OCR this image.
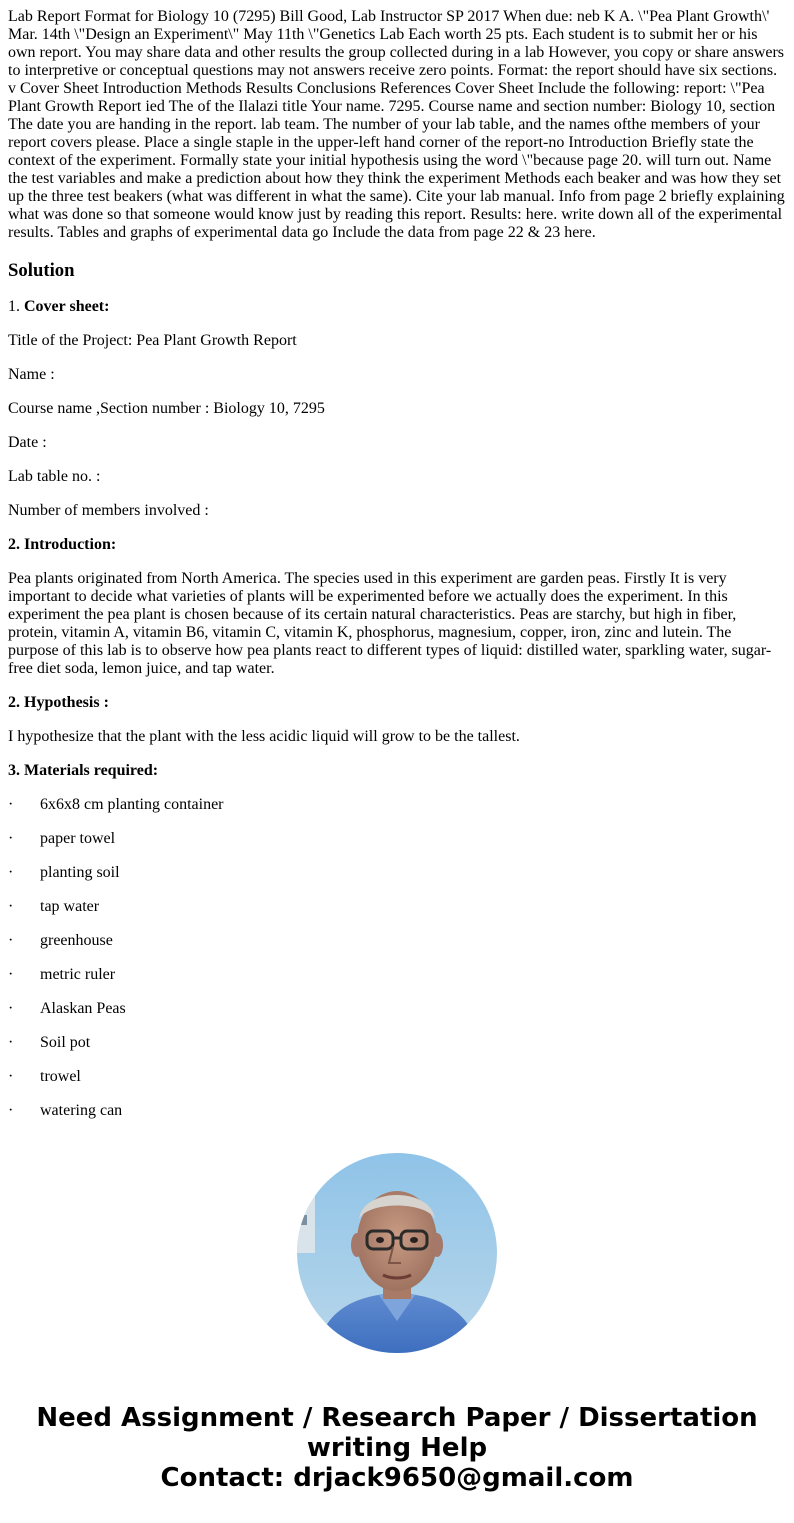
Lab Report Format for Biology 10 (7295) Bill Good, Lab Instructor SP 2017 When due: neb K A. \"Pea Plant Growth\' Mar. 14th \"Design an Experiment\" May 11th \"Genetics Lab Each worth 25 pts. Each student is to submit her or his own report. You may share data and other results the group collected during in a lab However, you copy or share answers to interpretive or conceptual questions may not answers receive zero points. Format: the report should have six sections. v Cover Sheet Introduction Methods Results Conclusions References Cover Sheet Include the following: report: \"Pea Plant Growth Report ied The of the Ilalazi title Your name. 7295. Course name and section number: Biology 10, section The date you are handing in the report. lab team. The number of your lab table, and the names ofthe members of your report covers please. Place a single staple in the upper-left hand corner of the report-no Introduction Briefly state the context of the experiment. Formally state your initial hypothesis using the word \"because page 20. will turn out. Name the test variables and make a prediction about how they think the experiment Methods each beaker and was how they set up the three test beakers (what was different in what the same). Cite your lab manual. Info from page 2 briefly explaining what was done so that someone would know just by reading this report. Results: here. write down all of the experimental results. Tables and graphs of experimental data go Include the data from page 22 & 23 here.
Solution

1. Cover sheet:

Title of the Project: Pea Plant Growth Report

Name :

Course name ,Section number : Biology 10, 7295

Date :

Lab table no. :

Number of members involved :

2. Introduction:

Pea plants originated from North America. The species used in this experiment are garden peas. Firstly It is very important to decide what varieties of plants will be experimented before we actually does the experiment. In this experiment the pea plant is chosen because of its certain natural characteristics. Peas are starchy, but high in fiber, protein, vitamin A, vitamin B6, vitamin C, vitamin K, phosphorus, magnesium, copper, iron, zinc and lutein. The purpose of this lab is to observe how pea plants react to different types of liquid: distilled water, sparkling water, sugar-free diet soda, lemon juice, and tap water.

2. Hypothesis :

I hypothesize that the plant with the less acidic liquid will grow to be the tallest.

3. Materials required:

· 6x6x8 cm planting container
· paper towel
· planting soil
· tap water
· greenhouse
· metric ruler
· Alaskan Peas
· Soil pot
· trowel
· watering can
Need Assignment / Research Paper / Dissertation
writing Help
Contact: drjack9650@gmail.com
